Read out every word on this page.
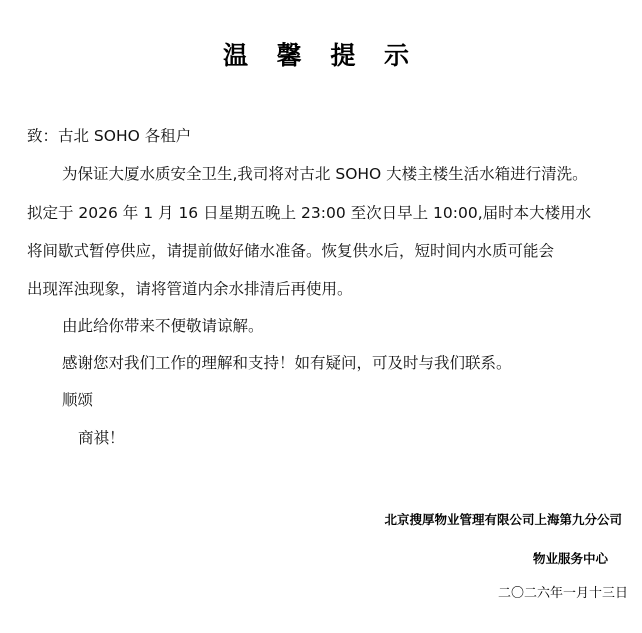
温 馨 提 示
致：古北 SOHO 各租户
为保证大厦水质安全卫生,我司将对古北 SOHO 大楼主楼生活水箱进行清洗。
拟定于 2026 年 1 月 16 日星期五晚上 23:00 至次日早上 10:00,届时本大楼用水
将间歇式暂停供应，请提前做好储水准备。恢复供水后，短时间内水质可能会
出现浑浊现象，请将管道内余水排清后再使用。
由此给你带来不便敬请谅解。
感谢您对我们工作的理解和支持！如有疑问，可及时与我们联系。
顺颂
商祺！
北京搜厚物业管理有限公司上海第九分公司
物业服务中心
二〇二六年一月十三日
